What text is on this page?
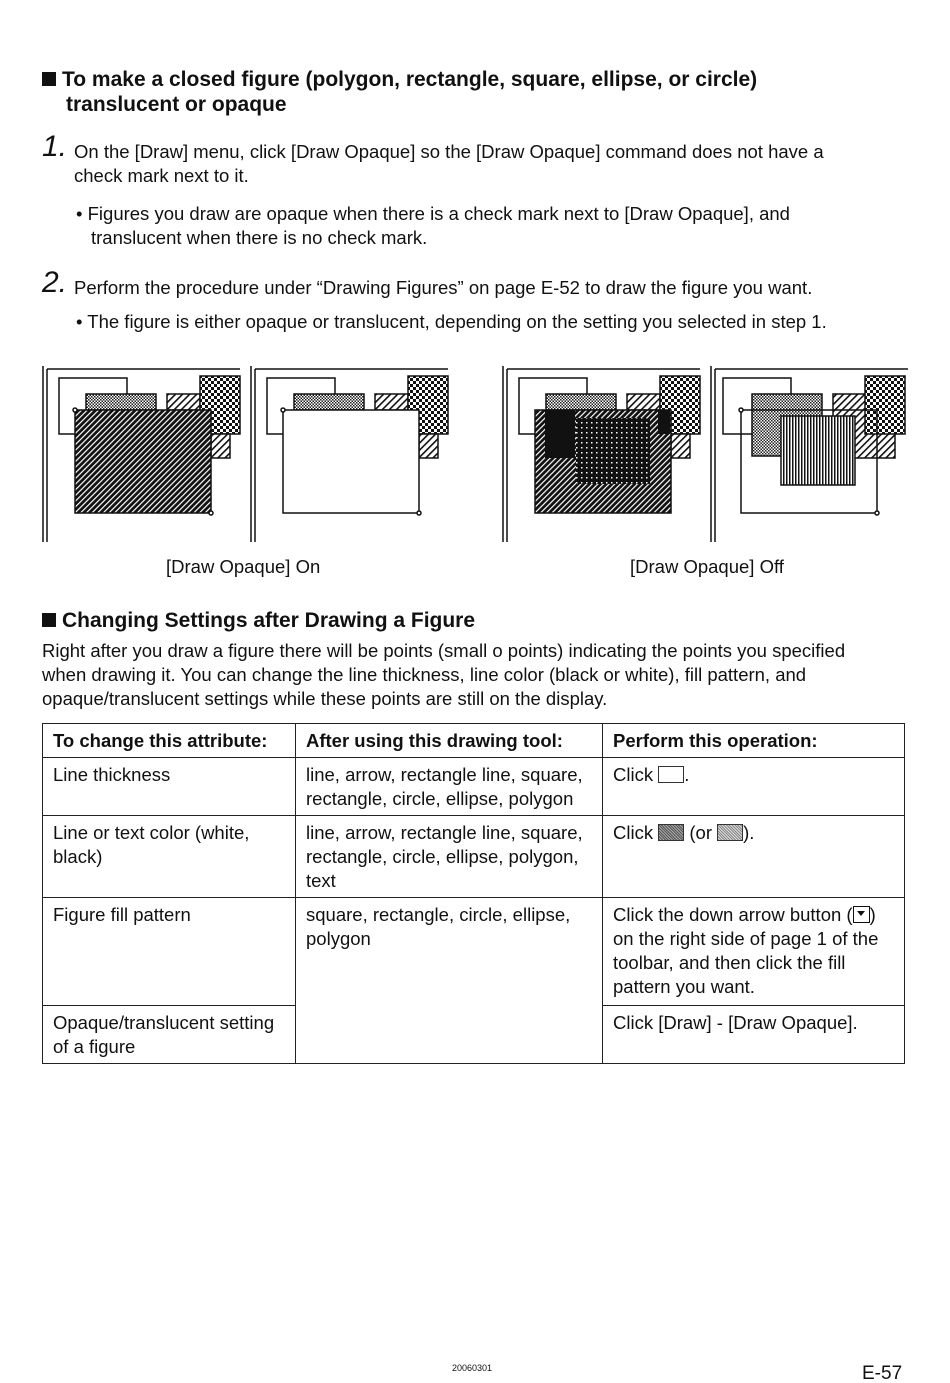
To make a closed figure (polygon, rectangle, square, ellipse, or circle)
translucent or opaque
1. On the [Draw] menu, click [Draw Opaque] so the [Draw Opaque] command does not have a
check mark next to it.
• Figures you draw are opaque when there is a check mark next to [Draw Opaque], and
translucent when there is no check mark.
2. Perform the procedure under “Drawing Figures” on page E-52 to draw the figure you want.
• The figure is either opaque or translucent, depending on the setting you selected in step 1.
[Draw Opaque] On	[Draw Opaque] Off
Changing Settings after Drawing a Figure
Right after you draw a figure there will be points (small o points) indicating the points you specified
when drawing it. You can change the line thickness, line color (black or white), fill pattern, and
opaque/translucent settings while these points are still on the display.
To change this attribute:	After using this drawing tool:	Perform this operation:
Line thickness	line, arrow, rectangle line, square, rectangle, circle, ellipse, polygon	Click .
Line or text color (white, black)	line, arrow, rectangle line, square, rectangle, circle, ellipse, polygon, text	Click (or ).
Figure fill pattern	square, rectangle, circle, ellipse, polygon	Click the down arrow button ( ) on the right side of page 1 of the toolbar, and then click the fill pattern you want.
Opaque/translucent setting of a figure		Click [Draw] - [Draw Opaque].
20060301	E-57
